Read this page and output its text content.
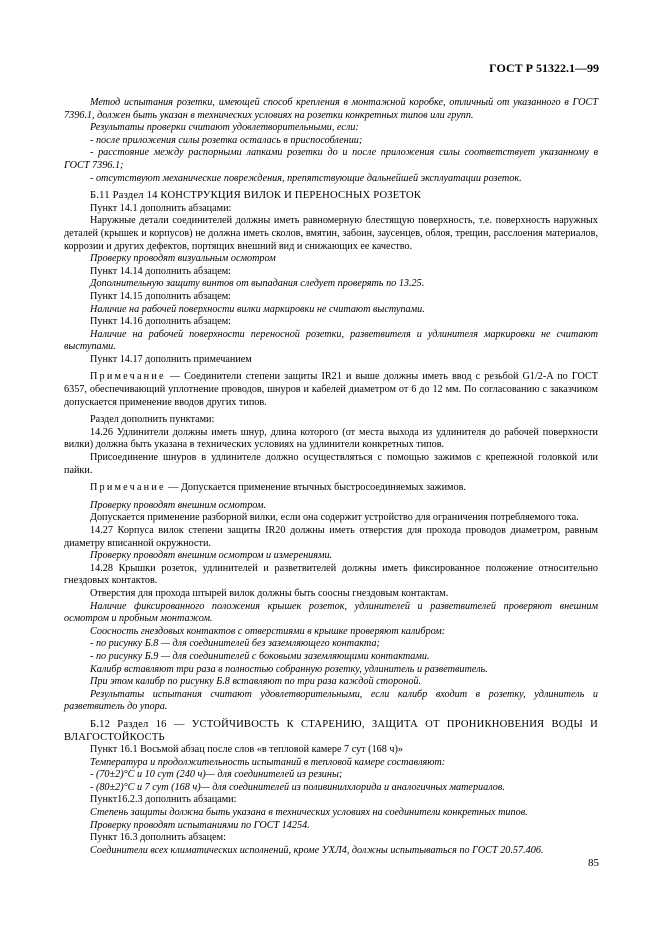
ГОСТ Р 51322.1—99

Метод испытания розетки, имеющей способ крепления в монтажной коробке, отличный от указанного в ГОСТ 7396.1, должен быть указан в технических условиях на розетки конкретных типов или групп.

Результаты проверки считают удовлетворительными, если:

- после приложения силы розетка осталась в приспособлении;

- расстояние между распорными лапками розетки до и после приложения силы соответствует указанному в ГОСТ 7396.1;

- отсутствуют механические повреждения, препятствующие дальнейшей эксплуатации розеток.

Б.11 Раздел 14 КОНСТРУКЦИЯ ВИЛОК И ПЕРЕНОСНЫХ РОЗЕТОК

Пункт 14.1 дополнить абзацами:

Наружные детали соединителей должны иметь равномерную блестящую поверхность, т.е. поверхность наружных деталей (крышек и корпусов) не должна иметь сколов, вмятин, забоин, заусенцев, облоя, трещин, расслоения материалов, коррозии и других дефектов, портящих внешний вид и снижающих ее качество.

Проверку проводят визуальным осмотром

Пункт 14.14 дополнить абзацем:

Дополнительную защиту винтов от выпадания следует проверять по 13.25.

Пункт 14.15 дополнить абзацем:

Наличие на рабочей поверхности вилки маркировки не считают выступами.

Пункт 14.16 дополнить абзацем:

Наличие на рабочей поверхности переносной розетки, разветвителя и удлинителя маркировки не считают выступами.

Пункт 14.17 дополнить примечанием

Примечание — Соединители степени защиты IR21 и выше должны иметь ввод с резьбой G1/2-A по ГОСТ 6357, обеспечивающий уплотнение проводов, шнуров и кабелей диаметром от 6 до 12 мм. По согласованию с заказчиком допускается применение вводов других типов.

Раздел дополнить пунктами:

14.26 Удлинители должны иметь шнур, длина которого (от места выхода из удлинителя до рабочей поверхности вилки) должна быть указана в технических условиях на удлинители конкретных типов.

Присоединение шнуров в удлинителе должно осуществляться с помощью зажимов с крепежной головкой или пайки.

Примечание — Допускается применение втычных быстросоединяемых зажимов.

Проверку проводят внешним осмотром.

Допускается применение разборной вилки, если она содержит устройство для ограничения потребляемого тока.

14.27 Корпуса вилок степени защиты IR20 должны иметь отверстия для прохода проводов диаметром, равным диаметру вписанной окружности.

Проверку проводят внешним осмотром и измерениями.

14.28 Крышки розеток, удлинителей и разветвителей должны иметь фиксированное положение относительно гнездовых контактов.

Отверстия для прохода штырей вилок должны быть соосны гнездовым контактам.

Наличие фиксированного положения крышек розеток, удлинителей и разветвителей проверяют внешним осмотром и пробным монтажом.

Соосность гнездовых контактов с отверстиями в крышке проверяют калибром:

- по рисунку Б.8 — для соединителей без заземляющего контакта;

- по рисунку Б.9 — для соединителей с боковыми заземляющими контактами.

Калибр вставляют три раза в полностью собранную розетку, удлинитель и разветвитель.

При этом калибр по рисунку Б.8 вставляют по три раза каждой стороной.

Результаты испытания считают удовлетворительными, если калибр входит в розетку, удлинитель и разветвитель до упора.

Б.12 Раздел 16 — УСТОЙЧИВОСТЬ К СТАРЕНИЮ, ЗАЩИТА ОТ ПРОНИКНОВЕНИЯ ВОДЫ И ВЛАГОСТОЙКОСТЬ

Пункт 16.1 Восьмой абзац после слов «в тепловой камере 7 сут (168 ч)»

Температура и продолжительность испытаний в тепловой камере составляют:

- (70±2)°С и 10 сут (240 ч)— для соединителей из резины;

- (80±2)°С и 7 сут (168 ч)— для соединителей из поливинилхлорида и аналогичных материалов.

Пункт16.2.3 дополнить абзацами:

Степень защиты должна быть указана в технических условиях на соединители конкретных типов.

Проверку проводят испытаниями по ГОСТ 14254.

Пункт 16.3 дополнить абзацем:

Соединители всех климатических исполнений, кроме УХЛ4, должны испытываться по ГОСТ 20.57.406.

85
